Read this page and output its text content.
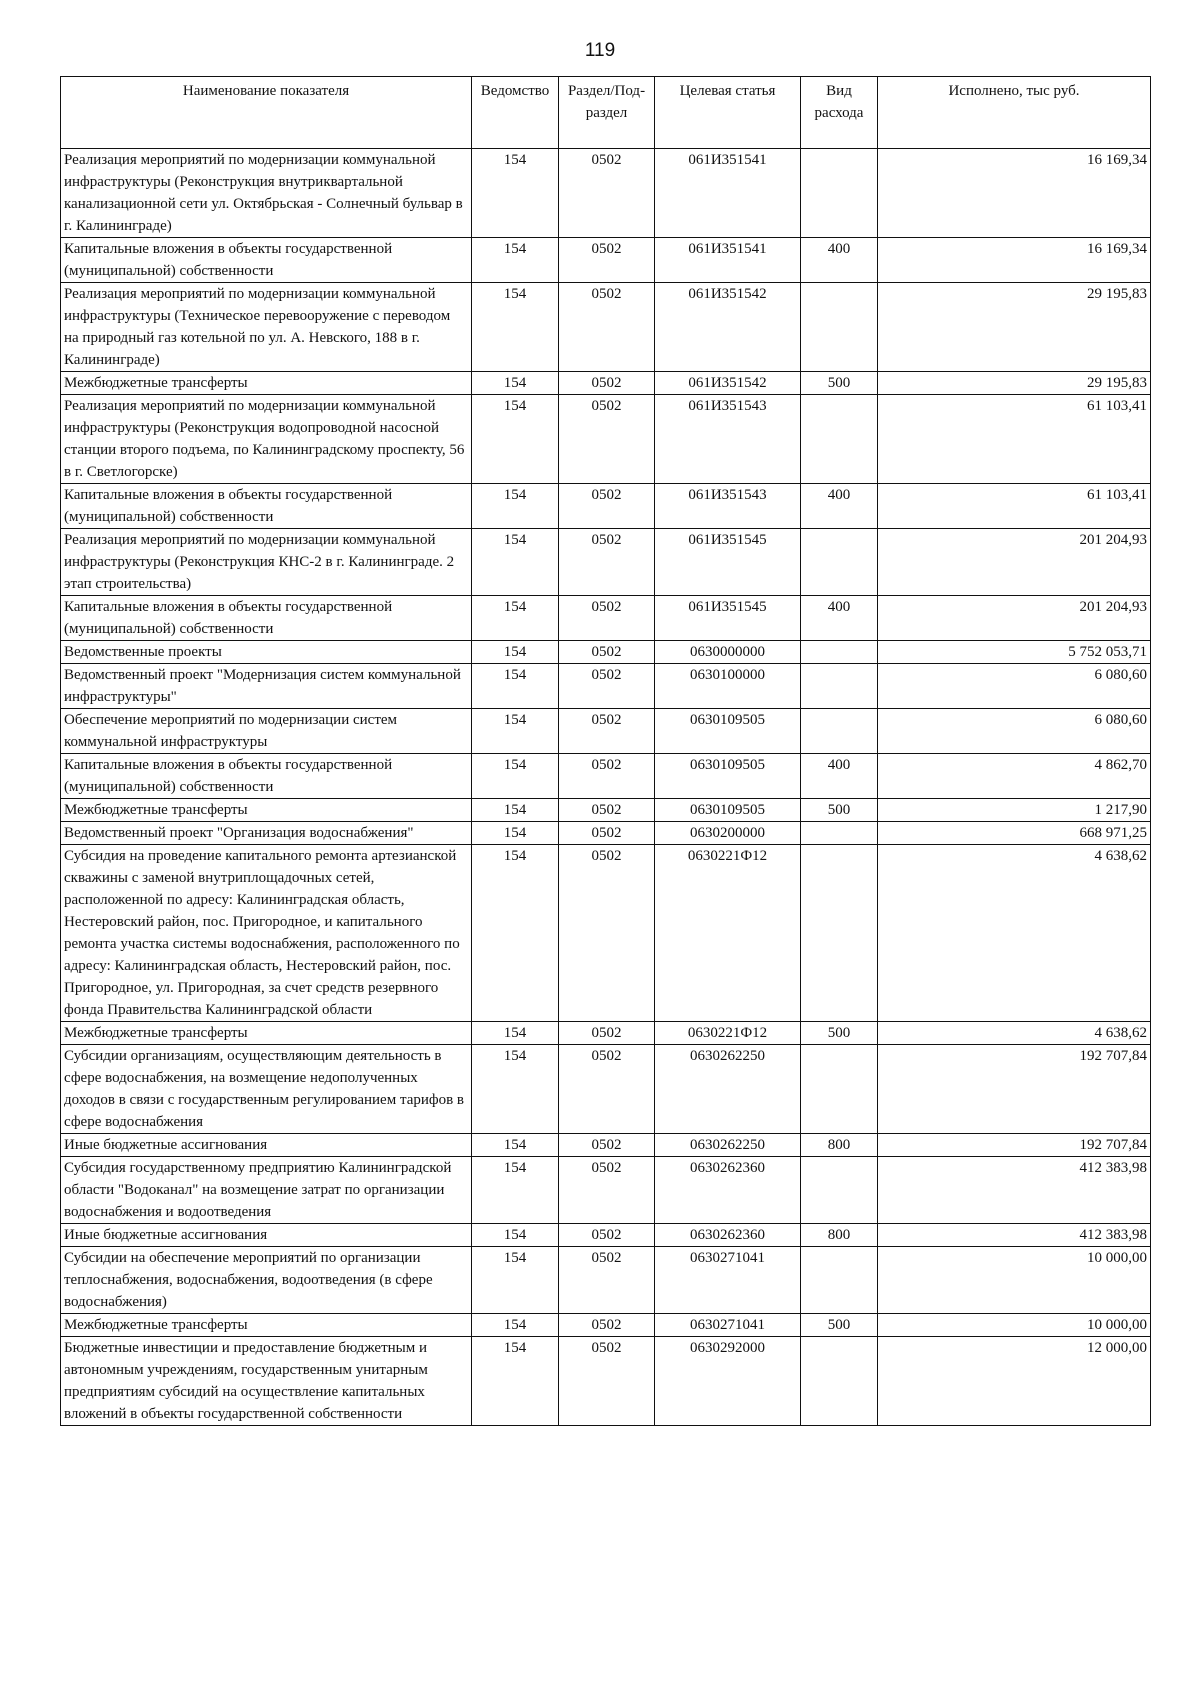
119
Наименование показателя	Ведомство	Раздел/Под-раздел	Целевая статья	Вид расхода	Исполнено, тыс руб.
Реализация мероприятий по модернизации коммунальной инфраструктуры (Реконструкция внутриквартальной канализационной сети ул. Октябрьская - Солнечный бульвар в г. Калининграде)	154	0502	061И351541		16 169,34
Капитальные вложения в объекты государственной (муниципальной) собственности	154	0502	061И351541	400	16 169,34
Реализация мероприятий по модернизации коммунальной инфраструктуры (Техническое перевооружение с переводом на природный газ котельной по ул. А. Невского, 188 в г. Калининграде)	154	0502	061И351542		29 195,83
Межбюджетные трансферты	154	0502	061И351542	500	29 195,83
Реализация мероприятий по модернизации коммунальной инфраструктуры (Реконструкция водопроводной насосной станции второго подъема, по Калининградскому проспекту, 56 в г. Светлогорске)	154	0502	061И351543		61 103,41
Капитальные вложения в объекты государственной (муниципальной) собственности	154	0502	061И351543	400	61 103,41
Реализация мероприятий по модернизации коммунальной инфраструктуры (Реконструкция КНС-2 в г. Калининграде. 2 этап строительства)	154	0502	061И351545		201 204,93
Капитальные вложения в объекты государственной (муниципальной) собственности	154	0502	061И351545	400	201 204,93
Ведомственные проекты	154	0502	0630000000		5 752 053,71
Ведомственный проект "Модернизация систем коммунальной инфраструктуры"	154	0502	0630100000		6 080,60
Обеспечение мероприятий по модернизации систем коммунальной инфраструктуры	154	0502	0630109505		6 080,60
Капитальные вложения в объекты государственной (муниципальной) собственности	154	0502	0630109505	400	4 862,70
Межбюджетные трансферты	154	0502	0630109505	500	1 217,90
Ведомственный проект "Организация водоснабжения"	154	0502	0630200000		668 971,25
Субсидия на проведение капитального ремонта артезианской скважины с заменой внутриплощадочных сетей, расположенной по адресу: Калининградская область, Нестеровский район, пос. Пригородное, и капитального ремонта участка системы водоснабжения, расположенного по адресу: Калининградская область, Нестеровский район, пос. Пригородное, ул. Пригородная, за счет средств резервного фонда Правительства Калининградской области	154	0502	0630221Ф12		4 638,62
Межбюджетные трансферты	154	0502	0630221Ф12	500	4 638,62
Субсидии организациям, осуществляющим деятельность в сфере водоснабжения, на возмещение недополученных доходов в связи с государственным регулированием тарифов в сфере водоснабжения	154	0502	0630262250		192 707,84
Иные бюджетные ассигнования	154	0502	0630262250	800	192 707,84
Субсидия государственному предприятию Калининградской области "Водоканал" на возмещение затрат по организации водоснабжения и водоотведения	154	0502	0630262360		412 383,98
Иные бюджетные ассигнования	154	0502	0630262360	800	412 383,98
Субсидии на обеспечение мероприятий по организации теплоснабжения, водоснабжения, водоотведения (в сфере водоснабжения)	154	0502	0630271041		10 000,00
Межбюджетные трансферты	154	0502	0630271041	500	10 000,00
Бюджетные инвестиции и предоставление бюджетным и автономным учреждениям, государственным унитарным предприятиям субсидий на осуществление капитальных вложений в объекты государственной собственности	154	0502	0630292000		12 000,00
